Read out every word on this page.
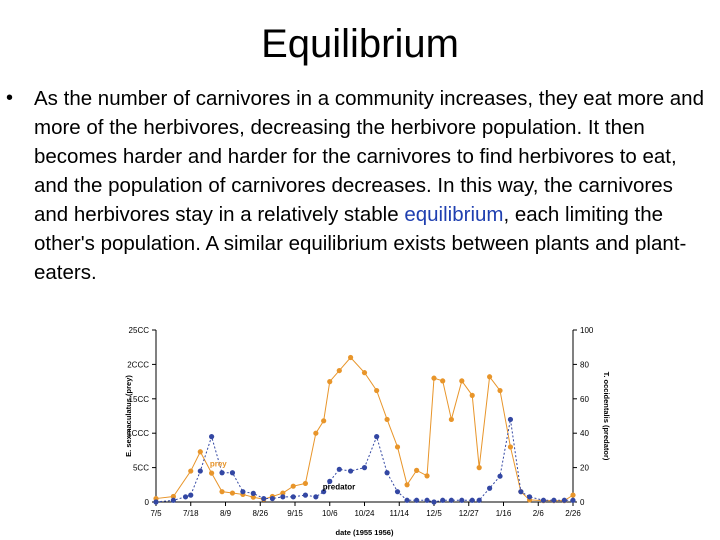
Equilibrium
• As the number of carnivores in a community increases, they eat more and more of the herbivores, decreasing the herbivore population. It then becomes harder and harder for the carnivores to find herbivores to eat, and the population of carnivores decreases. In this way, the carnivores and herbivores stay in a relatively stable equilibrium, each limiting the other's population. A similar equilibrium exists between plants and plant-eaters.
0
5CC
1CCC
15CC
2CCC
25CC
0
20
40
60
80
100
7/5	7/18	8/9	8/26 9/15 10/6 10/24 11/14 12/5 12/27 1/16	2/6	2/26
date (1955 1956)
E. sexmaculatus (prey)	T. occidentalis (predator)
prey
predator
